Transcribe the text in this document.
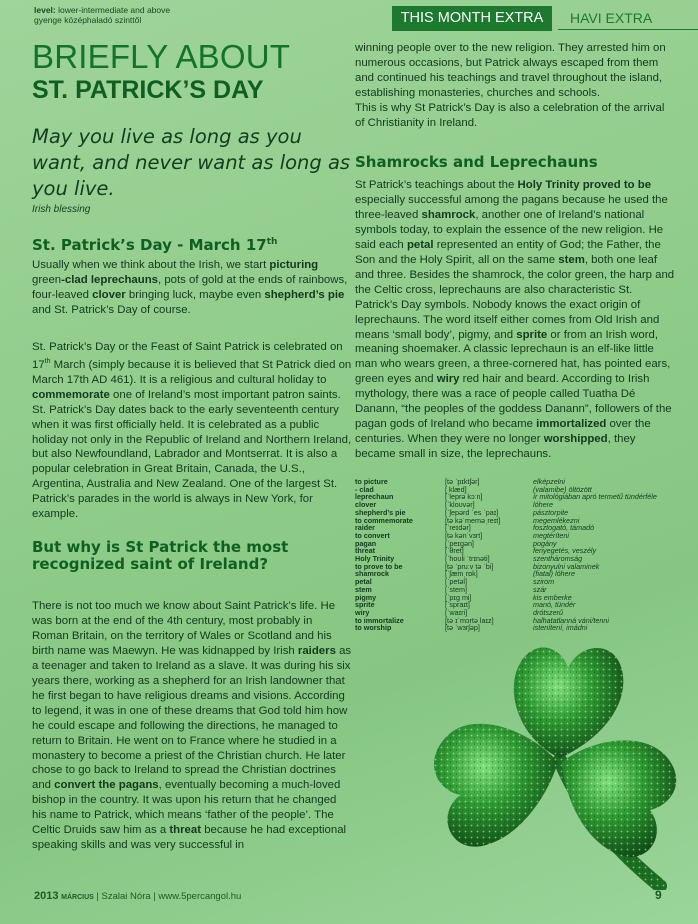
level: lower-intermediate and above
gyenge középhaladó szinttől	THIS MONTH EXTRA	HAVI EXTRA
BRIEFLY ABOUT
ST. PATRICK’S DAY
May you live as long as you want, and never want as long as you live.
Irish blessing
St. Patrick’s Day - March 17th

Usually when we think about the Irish, we start picturing green-clad leprechauns, pots of gold at the ends of rainbows, four-leaved clover bringing luck, maybe even shepherd’s pie and St. Patrick’s Day of course.

St. Patrick’s Day or the Feast of Saint Patrick is celebrated on 17th March (simply because it is believed that St Patrick died on March 17th AD 461). It is a religious and cultural holiday to commemorate one of Ireland’s most important patron saints. St. Patrick’s Day dates back to the early seventeenth century when it was first officially held. It is celebrated as a public holiday not only in the Republic of Ireland and Northern Ireland, but also Newfoundland, Labrador and Montserrat. It is also a popular celebration in Great Britain, Canada, the U.S., Argentina, Australia and New Zealand. One of the largest St. Patrick’s parades in the world is always in New York, for example.

But why is St Patrick the most recognized saint of Ireland?

There is not too much we know about Saint Patrick’s life. He was born at the end of the 4th century, most probably in Roman Britain, on the territory of Wales or Scotland and his birth name was Maewyn. He was kidnapped by Irish raiders as a teenager and taken to Ireland as a slave. It was during his six years there, working as a shepherd for an Irish landowner that he first began to have religious dreams and visions. According to legend, it was in one of these dreams that God told him how he could escape and following the directions, he managed to return to Britain. He went on to France where he studied in a monastery to become a priest of the Christian church. He later chose to go back to Ireland to spread the Christian doctrines and convert the pagans, eventually becoming a much-loved bishop in the country. It was upon his return that he changed his name to Patrick, which means ‘father of the people’. The Celtic Druids saw him as a threat because he had exceptional speaking skills and was very successful in

winning people over to the new religion. They arrested him on numerous occasions, but Patrick always escaped from them and continued his teachings and travel throughout the island, establishing monasteries, churches and schools.

This is why St Patrick’s Day is also a celebration of the arrival of Christianity in Ireland.

Shamrocks and Leprechauns

St Patrick’s teachings about the Holy Trinity proved to be especially successful among the pagans because he used the three-leaved shamrock, another one of Ireland’s national symbols today, to explain the essence of the new religion. He said each petal represented an entity of God; the Father, the Son and the Holy Spirit, all on the same stem, both one leaf and three. Besides the shamrock, the color green, the harp and the Celtic cross, leprechauns are also characteristic St. Patrick’s Day symbols. Nobody knows the exact origin of leprechauns. The word itself either comes from Old Irish and means ‘small body’, pigmy, and sprite or from an Irish word, meaning shoemaker. A classic leprechaun is an elf-like little man who wears green, a three-cornered hat, has pointed ears, green eyes and wiry red hair and beard. According to Irish mythology, there was a race of people called Tuatha Dé Danann, “the peoples of the goddess Danann”, followers of the pagan gods of Ireland who became immortalized over the centuries. When they were no longer worshipped, they became small in size, the leprechauns.

to picture	[tə ˈpɪktʃər]	elképzelni
- clad	[ klæd]	(valamibe) öltözött
leprechaun	[ˈleprə kɔːn]	ír mitológiában apró termetű tündérféle
clover	[ˈkloʊvər]	lóhere
shepherd’s pie	[ˈʃepərd ˈes ˈpaɪ]	pásztorpite
to commemorate	[tə kəˈmeməˌreɪt]	megemlékezni
raider	[ˈreɪdər]	fosztogató, támadó
to convert	[tə kənˈvɜrt]	megtéríteni
pagan	[ˈpeɪɡən]	pogány
threat	[ˈθret]	fenyegetés, veszély
Holy Trinity	[ˈhoʊli ˈtrɪnəti]	szentháromság
to prove to be	[tə ˈpruːv tə ˈbi]	bizonyulni valaminek
shamrock	[ˈʃæmˌrɒk]	(fiatal) lóhere
petal	[ˈpetəl]	szirom
stem	[ˈstem]	szár
pigmy	[ˈpɪɡ mi]	kis emberke
sprite	[ˈspraɪt]	manó, tündér
wiry	[ˈwaɪri]	drótszerű
to immortalize	[tə ɪˈmɔrtə laɪz]	halhatatlanná váni/tenni
to worship	[tə ˈwɜrʃəp]	istenítení, imádni
2013 MÁRCIUS | Szalai Nóra | www.5percangol.hu	9
